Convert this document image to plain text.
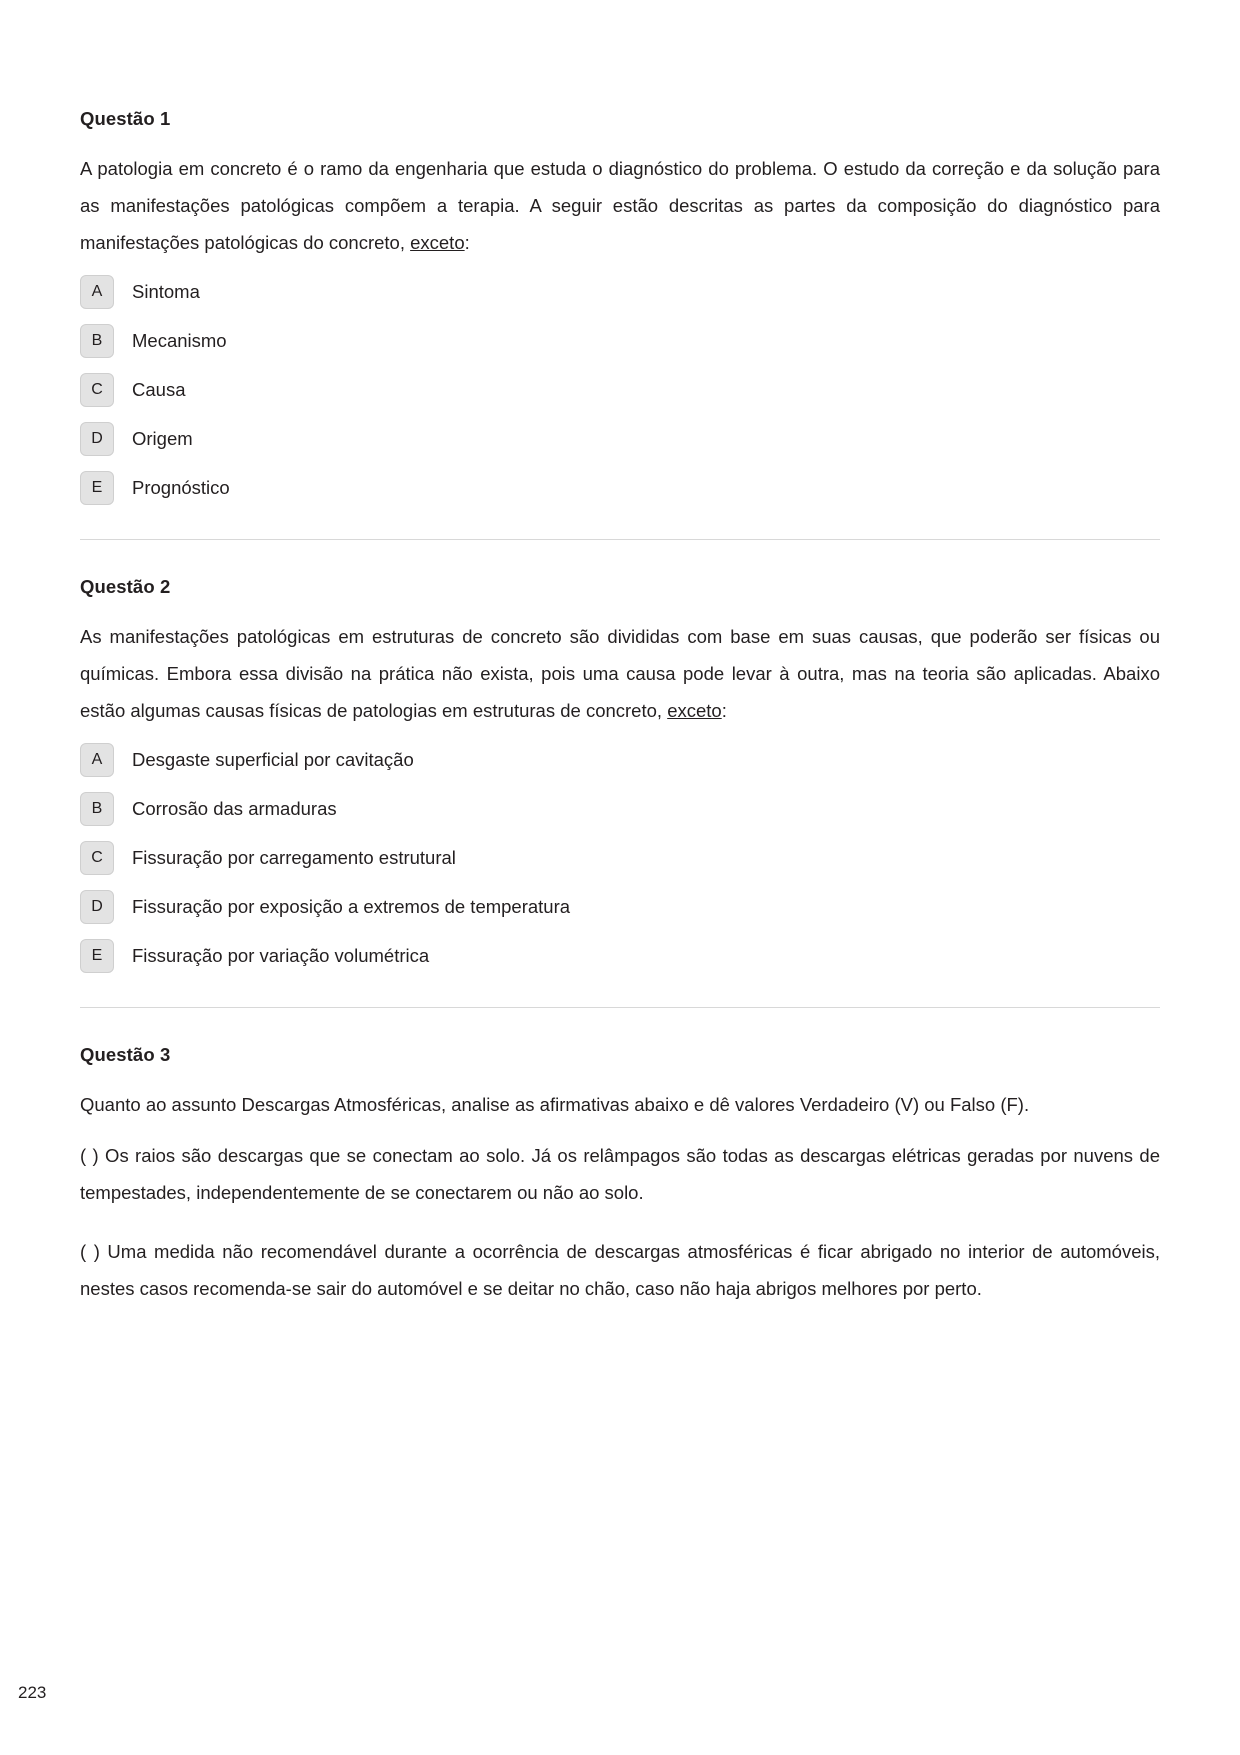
Questão 1

A patologia em concreto é o ramo da engenharia que estuda o diagnóstico do problema. O estudo da correção e da solução para as manifestações patológicas compõem a terapia. A seguir estão descritas as partes da composição do diagnóstico para manifestações patológicas do concreto, exceto:

A	Sintoma
B	Mecanismo
C	Causa
D	Origem
E	Prognóstico
Questão 2

As manifestações patológicas em estruturas de concreto são divididas com base em suas causas, que poderão ser físicas ou químicas. Embora essa divisão na prática não exista, pois uma causa pode levar à outra, mas na teoria são aplicadas. Abaixo estão algumas causas físicas de patologias em estruturas de concreto, exceto:

A	Desgaste superficial por cavitação
B	Corrosão das armaduras
C	Fissuração por carregamento estrutural
D	Fissuração por exposição a extremos de temperatura
E	Fissuração por variação volumétrica
Questão 3

Quanto ao assunto Descargas Atmosféricas, analise as afirmativas abaixo e dê valores Verdadeiro (V) ou Falso (F).

( ) Os raios são descargas que se conectam ao solo. Já os relâmpagos são todas as descargas elétricas geradas por nuvens de tempestades, independentemente de se conectarem ou não ao solo.

( ) Uma medida não recomendável durante a ocorrência de descargas atmosféricas é ficar abrigado no interior de automóveis, nestes casos recomenda-se sair do automóvel e se deitar no chão, caso não haja abrigos melhores por perto.

223
